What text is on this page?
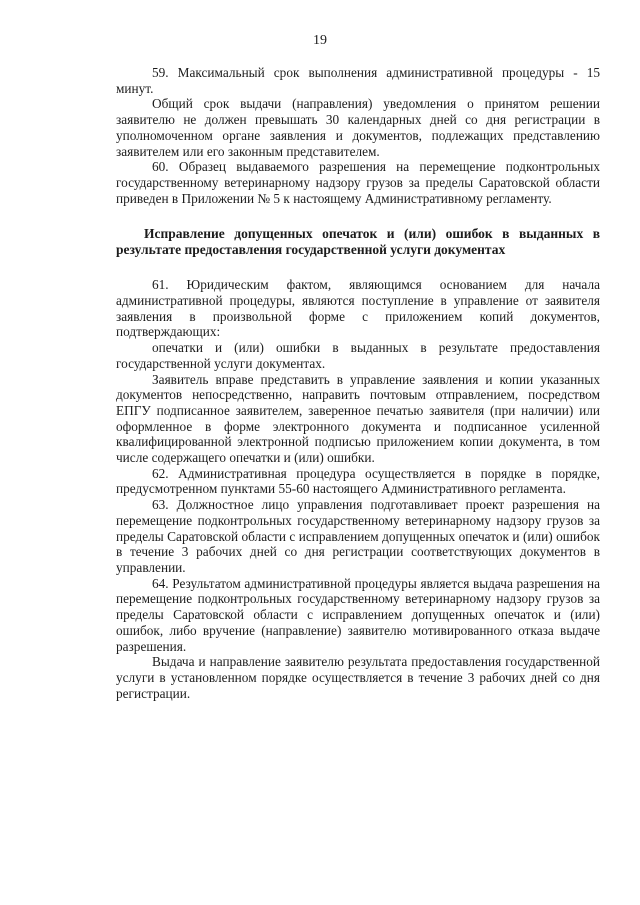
19

59. Максимальный срок выполнения административной процедуры - 15 минут.

Общий срок выдачи (направления) уведомления о принятом решении заявителю не должен превышать 30 календарных дней со дня регистрации в уполномоченном органе заявления и документов, подлежащих представлению заявителем или его законным представителем.

60. Образец выдаваемого разрешения на перемещение подконтрольных государственному ветеринарному надзору грузов за пределы Саратовской области приведен в Приложении № 5 к настоящему Административному регламенту.

Исправление допущенных опечаток и (или) ошибок в выданных в результате предоставления государственной услуги документах

61. Юридическим фактом, являющимся основанием для начала административной процедуры, являются поступление в управление от заявителя заявления в произвольной форме с приложением копий документов, подтверждающих:

опечатки и (или) ошибки в выданных в результате предоставления государственной услуги документах.

Заявитель вправе представить в управление заявления и копии указанных документов непосредственно, направить почтовым отправлением, посредством ЕПГУ подписанное заявителем, заверенное печатью заявителя (при наличии) или оформленное в форме электронного документа и подписанное усиленной квалифицированной электронной подписью приложением копии документа, в том числе содержащего опечатки и (или) ошибки.

62. Административная процедура осуществляется в порядке в порядке, предусмотренном пунктами 55-60 настоящего Административного регламента.

63. Должностное лицо управления подготавливает проект разрешения на перемещение подконтрольных государственному ветеринарному надзору грузов за пределы Саратовской области с исправлением допущенных опечаток и (или) ошибок в течение 3 рабочих дней со дня регистрации соответствующих документов в управлении.

64. Результатом административной процедуры является выдача разрешения на перемещение подконтрольных государственному ветеринарному надзору грузов за пределы Саратовской области с исправлением допущенных опечаток и (или) ошибок, либо вручение (направление) заявителю мотивированного отказа выдаче разрешения.

Выдача и направление заявителю результата предоставления государственной услуги в установленном порядке осуществляется в течение 3 рабочих дней со дня регистрации.
